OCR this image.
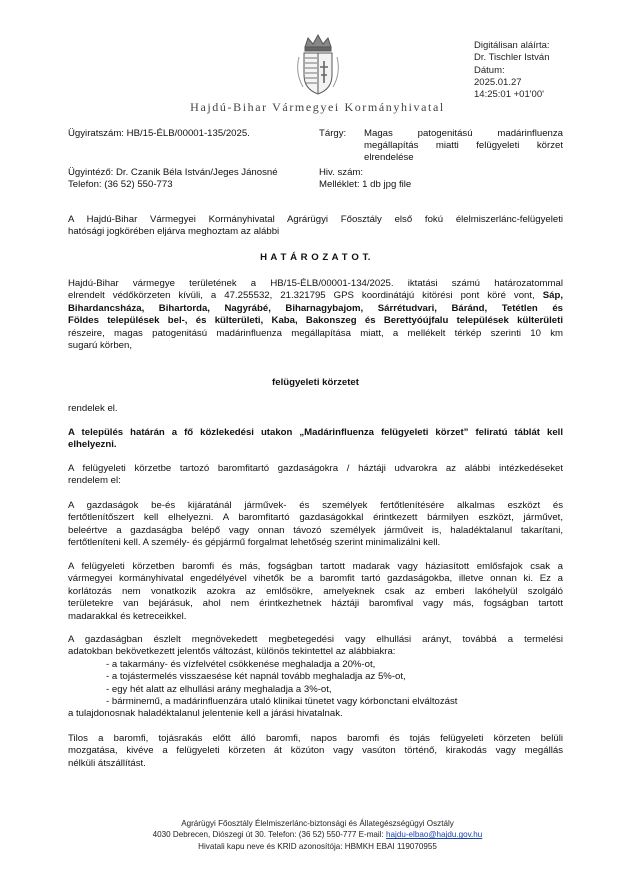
Hajdú-Bihar Vármegyei Kormányhivatal
Digitálisan aláírta:
Dr. Tischler István
Dátum:
2025.01.27
14:25:01 +01'00'
Ügyiratszám: HB/15-ÉLB/00001-135/2025.	Tárgy: Magas patogenitású madárinfluenza
megállapítás miatti felügyeleti körzet
elrendelése
Ügyintéző: Dr. Czanik Béla István/Jeges Jánosné
Telefon: (36 52) 550-773
Hiv. szám:
Melléklet: 1 db jpg file
A Hajdú-Bihar Vármegyei Kormányhivatal Agrárügyi Főosztály első fokú élelmiszerlánc-felügyeleti
hatósági jogkörében eljárva meghoztam az alábbi
H A T Á R O Z A T O T.
Hajdú-Bihar vármegye területének a HB/15-ÉLB/00001-134/2025. iktatási számú határozatommal
elrendelt védőkörzeten kívüli, a 47.255532, 21.321795 GPS koordinátájú kitörési pont köré vont, Sáp,
Bihardancsháza, Bihartorda, Nagyrábé, Biharnagybajom, Sárrétudvari, Báránd, Tetétlen és
Földes települések bel-, és külterületi, Kaba, Bakonszeg és Berettyóújfalu települések külterületi
részeire, magas patogenitású madárinfluenza megállapítása miatt, a mellékelt térkép szerinti 10 km
sugarú körben,
felügyeleti körzetet
rendelek el.
A település határán a fő közlekedési utakon „Madárinfluenza felügyeleti körzet” feliratú táblát kell
elhelyezni.
A felügyeleti körzetbe tartozó baromfitartó gazdaságokra / háztáji udvarokra az alábbi intézkedéseket
rendelem el:
A gazdaságok be-és kijáratánál járművek- és személyek fertőtlenítésére alkalmas eszközt és
fertőtlenítőszert kell elhelyezni. A baromfitartó gazdaságokkal érintkezett bármilyen eszközt, járművet,
beleértve a gazdaságba belépő vagy onnan távozó személyek járműveit is, haladéktalanul takarítani,
fertőtleníteni kell. A személy- és gépjármű forgalmat lehetőség szerint minimalizálni kell.
A felügyeleti körzetben baromfi és más, fogságban tartott madarak vagy háziasított emlősfajok csak a
vármegyei kormányhivatal engedélyével vihetők be a baromfit tartó gazdaságokba, illetve onnan ki. Ez a
korlátozás nem vonatkozik azokra az emlősökre, amelyeknek csak az emberi lakóhelyül szolgáló
területekre van bejárásuk, ahol nem érintkezhetnek háztáji baromfival vagy más, fogságban tartott
madarakkal és ketreceikkel.
A gazdaságban észlelt megnövekedett megbetegedési vagy elhullási arányt, továbbá a termelési
adatokban bekövetkezett jelentős változást, különös tekintettel az alábbiakra:
- a takarmány- és vízfelvétel csökkenése meghaladja a 20%-ot,
- a tojástermelés visszaesése két napnál tovább meghaladja az 5%-ot,
- egy hét alatt az elhullási arány meghaladja a 3%-ot,
- bárminemű, a madárinfluenzára utaló klinikai tünetet vagy kórbonctani elváltozást
a tulajdonosnak haladéktalanul jelentenie kell a járási hivatalnak.
Tilos a baromfi, tojásrakás előtt álló baromfi, napos baromfi és tojás felügyeleti körzeten belüli
mozgatása, kivéve a felügyeleti körzeten át közúton vagy vasúton történő, kirakodás vagy megállás
nélküli átszállítást.
Agrárügyi Főosztály Élelmiszerlánc-biztonsági és Állategészségügyi Osztály
4030 Debrecen, Diószegi út 30. Telefon: (36 52) 550-777 E-mail: hajdu-elbao@hajdu.gov.hu
Hivatali kapu neve és KRID azonosítója: HBMKH EBAI 119070955
